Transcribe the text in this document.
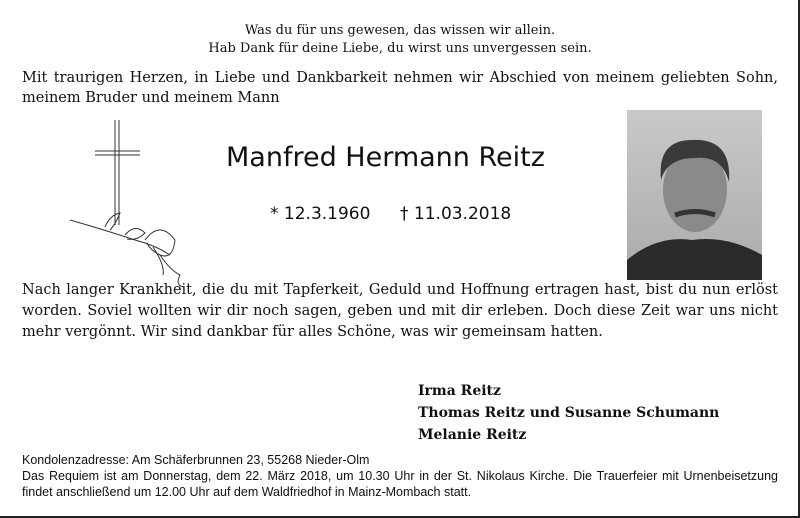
Was du für uns gewesen, das wissen wir allein.
Hab Dank für deine Liebe, du wirst uns unvergessen sein.
Mit traurigen Herzen, in Liebe und Dankbarkeit nehmen wir Abschied von meinem geliebten Sohn, meinem Bruder und meinem Mann
Manfred Hermann Reitz
* 12.3.1960 † 11.03.2018
Nach langer Krankheit, die du mit Tapferkeit, Geduld und Hoffnung ertragen hast, bist du nun erlöst worden. Soviel wollten wir dir noch sagen, geben und mit dir erleben. Doch diese Zeit war uns nicht mehr vergönnt. Wir sind dankbar für alles Schöne, was wir gemeinsam hatten.
Irma Reitz
Thomas Reitz und Susanne Schumann
Melanie Reitz
Kondolenzadresse: Am Schäferbrunnen 23, 55268 Nieder-Olm
Das Requiem ist am Donnerstag, dem 22. März 2018, um 10.30 Uhr in der St. Nikolaus Kirche. Die Trauerfeier mit Urnenbeisetzung findet anschließend um 12.00 Uhr auf dem Waldfriedhof in Mainz-Mombach statt.
